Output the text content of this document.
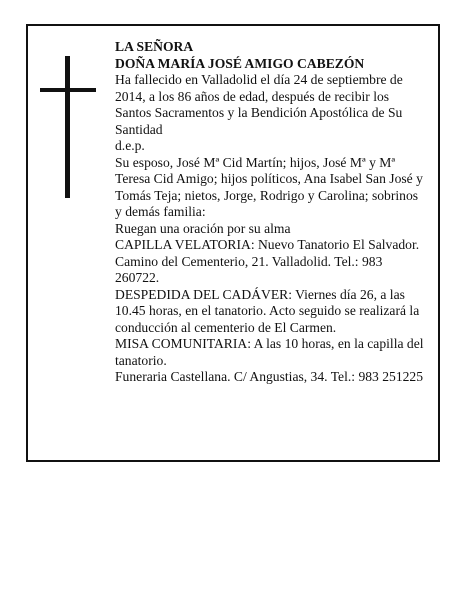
LA SEÑORA

DOÑA MARÍA JOSÉ AMIGO CABEZÓN

Ha fallecido en Valladolid el día 24 de septiembre de 2014, a los 86 años de edad, después de recibir los Santos Sacramentos y la Bendición Apostólica de Su Santidad

d.e.p.

Su esposo, José Mª Cid Martín; hijos, José Mª y Mª Teresa Cid Amigo; hijos políticos, Ana Isabel San José y Tomás Teja; nietos, Jorge, Rodrigo y Carolina; sobrinos y demás familia:

Ruegan una oración por su alma

CAPILLA VELATORIA: Nuevo Tanatorio El Salvador. Camino del Cementerio, 21. Valladolid. Tel.: 983 260722.

DESPEDIDA DEL CADÁVER: Viernes día 26, a las 10.45 horas, en el tanatorio. Acto seguido se realizará la conducción al cementerio de El Carmen.

MISA COMUNITARIA: A las 10 horas, en la capilla del tanatorio.

Funeraria Castellana. C/ Angustias, 34. Tel.: 983 251225
